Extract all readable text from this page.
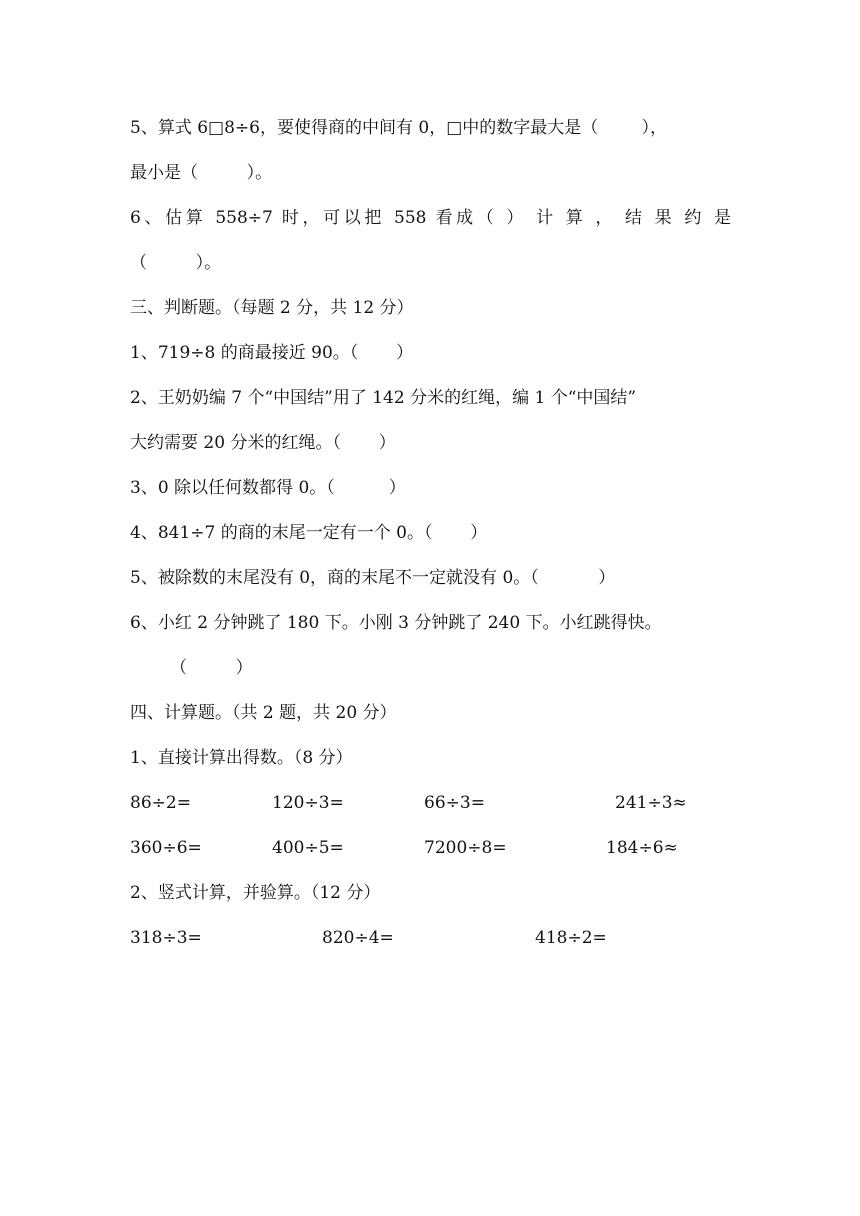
5、算式 6□8÷6，要使得商的中间有 0，□中的数字最大是（        ），
最小是（         ）。
6、估算 558÷7 时，可以把 558 看成（ ） 计 算 ， 结 果 约 是
（         ）。
三、判断题。（每题 2 分，共 12 分）
1、719÷8 的商最接近 90。（       ）
2、王奶奶编 7 个“中国结”用了 142 分米的红绳，编 1 个“中国结”
大约需要 20 分米的红绳。（       ）
3、0 除以任何数都得 0。（          ）
4、841÷7 的商的末尾一定有一个 0。（       ）
5、被除数的末尾没有 0，商的末尾不一定就没有 0。（           ）
6、小红 2 分钟跳了 180 下。小刚 3 分钟跳了 240 下。小红跳得快。
（         ）
四、计算题。（共 2 题，共 20 分）
1、直接计算出得数。（8 分）
86÷2=	120÷3=	66÷3=	241÷3≈
360÷6=	400÷5=	7200÷8=	184÷6≈
2、竖式计算，并验算。（12 分）
318÷3=	820÷4=	418÷2=
